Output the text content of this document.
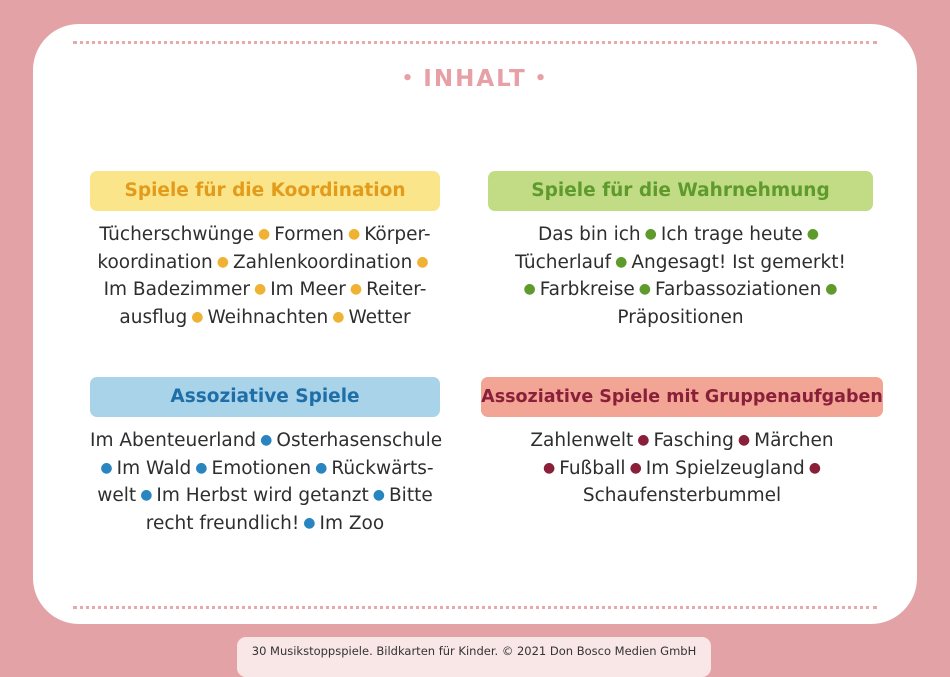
• INHALT •
Spiele für die Koordination
Tücherschwünge ● Formen ● Körper-
koordination ● Zahlenkoordination ●
Im Badezimmer ● Im Meer ● Reiter-
ausflug ● Weihnachten ● Wetter
Spiele für die Wahrnehmung
Das bin ich ● Ich trage heute ●
Tücherlauf ● Angesagt! Ist gemerkt!
● Farbkreise ● Farbassoziationen ●
Präpositionen
Assoziative Spiele
Im Abenteuerland ● Osterhasenschule
● Im Wald ● Emotionen ● Rückwärts-
welt ● Im Herbst wird getanzt ● Bitte
recht freundlich! ● Im Zoo
Assoziative Spiele mit Gruppenaufgaben
Zahlenwelt ● Fasching ● Märchen
● Fußball ● Im Spielzeugland ●
Schaufensterbummel
30 Musikstoppspiele. Bildkarten für Kinder. © 2021 Don Bosco Medien GmbH
